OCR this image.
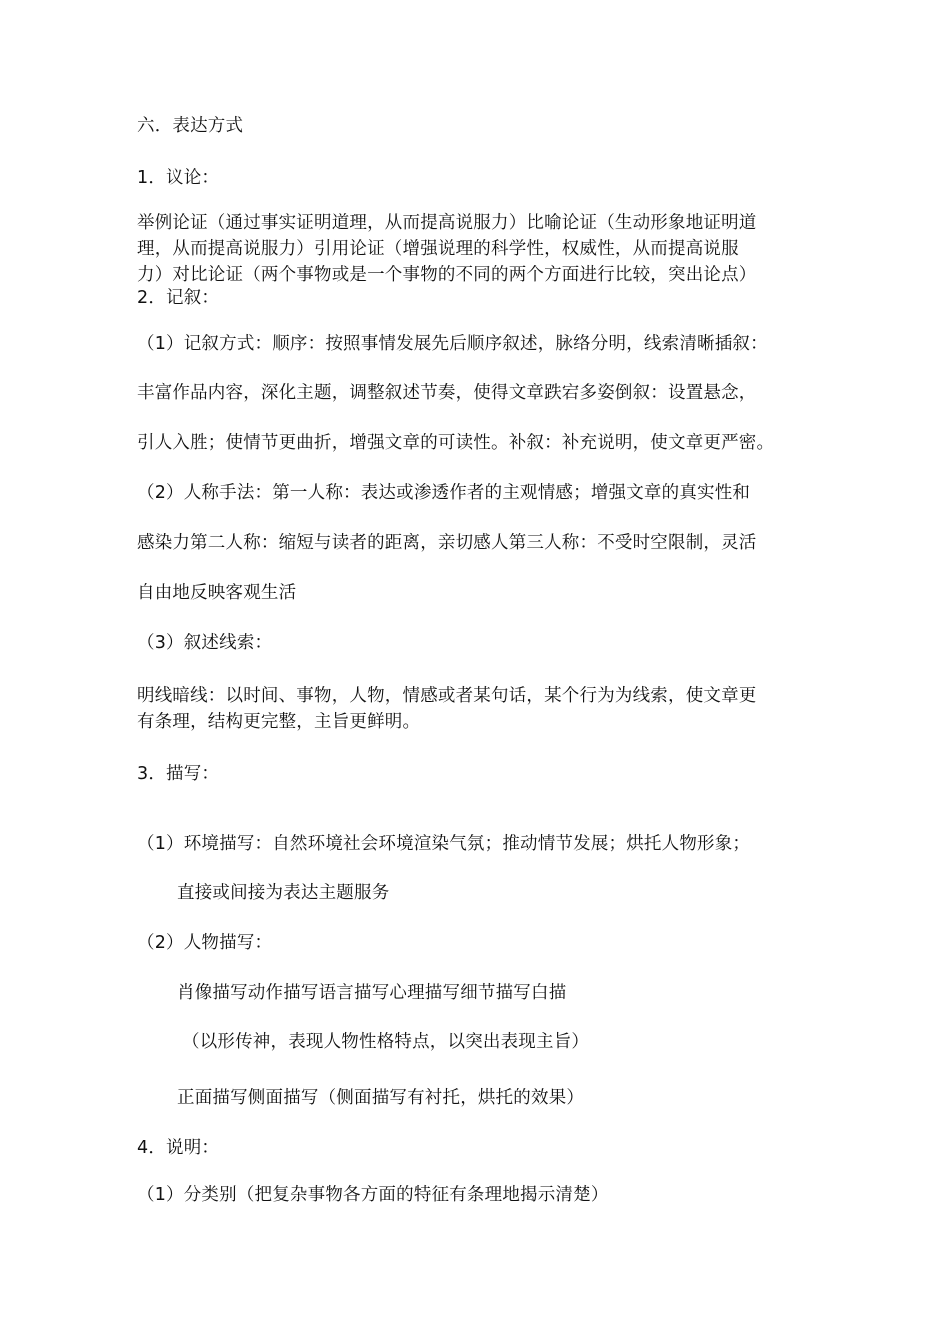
六．表达方式
1．议论：
举例论证（通过事实证明道理，从而提高说服力）比喻论证（生动形象地证明道
理，从而提高说服力）引用论证（增强说理的科学性，权威性，从而提高说服
力）对比论证（两个事物或是一个事物的不同的两个方面进行比较，突出论点）
2．记叙：
（1）记叙方式：顺序：按照事情发展先后顺序叙述，脉络分明，线索清晰插叙：
丰富作品内容，深化主题，调整叙述节奏，使得文章跌宕多姿倒叙：设置悬念，
引人入胜；使情节更曲折，增强文章的可读性。补叙：补充说明，使文章更严密。
（2）人称手法：第一人称：表达或渗透作者的主观情感；增强文章的真实性和
感染力第二人称：缩短与读者的距离，亲切感人第三人称：不受时空限制，灵活
自由地反映客观生活
（3）叙述线索：
明线暗线：以时间、事物，人物，情感或者某句话，某个行为为线索，使文章更
有条理，结构更完整，主旨更鲜明。
3．描写：
（1）环境描写：自然环境社会环境渲染气氛；推动情节发展；烘托人物形象；
直接或间接为表达主题服务
（2）人物描写：
肖像描写动作描写语言描写心理描写细节描写白描
（以形传神，表现人物性格特点，以突出表现主旨）
正面描写侧面描写（侧面描写有衬托，烘托的效果）
4．说明：
（1）分类别（把复杂事物各方面的特征有条理地揭示清楚）
